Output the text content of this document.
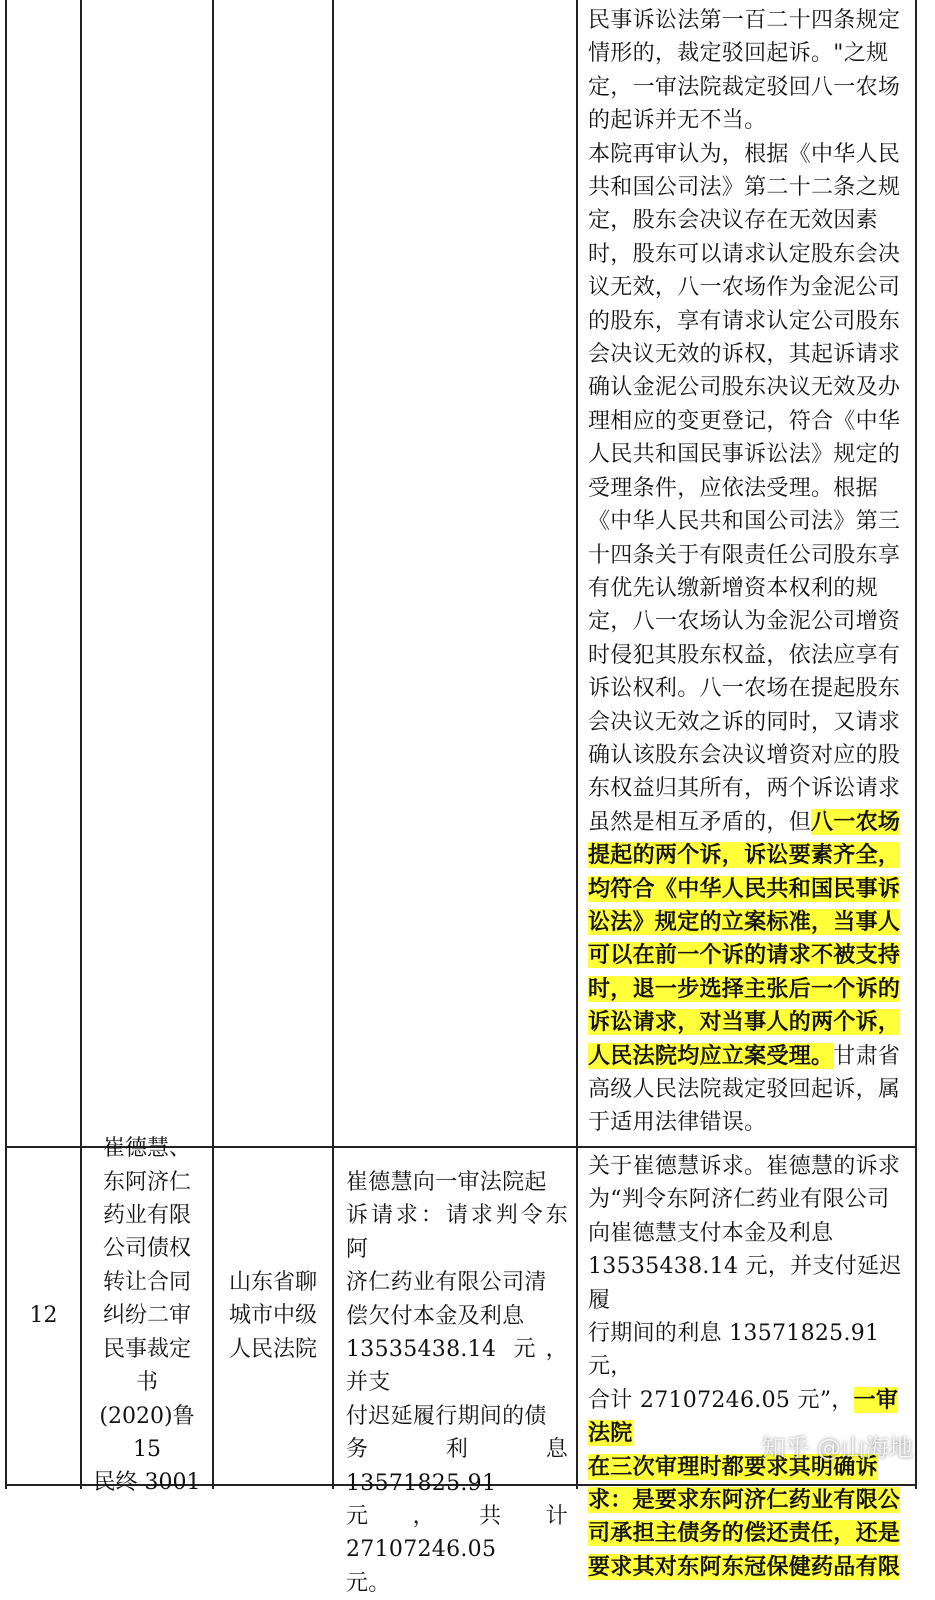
民事诉讼法第一百二十四条规定
情形的，裁定驳回起诉。"之规
定，一审法院裁定驳回八一农场
的起诉并无不当。
本院再审认为，根据《中华人民
共和国公司法》第二十二条之规
定，股东会决议存在无效因素
时，股东可以请求认定股东会决
议无效，八一农场作为金泥公司
的股东，享有请求认定公司股东
会决议无效的诉权，其起诉请求
确认金泥公司股东决议无效及办
理相应的变更登记，符合《中华
人民共和国民事诉讼法》规定的
受理条件，应依法受理。根据
《中华人民共和国公司法》第三
十四条关于有限责任公司股东享
有优先认缴新增资本权利的规
定，八一农场认为金泥公司增资
时侵犯其股东权益，依法应享有
诉讼权利。八一农场在提起股东
会决议无效之诉的同时，又请求
确认该股东会决议增资对应的股
东权益归其所有，两个诉讼请求

虽然是相互矛盾的，但八一农场

提起的两个诉，诉讼要素齐全，
均符合《中华人民共和国民事诉
讼法》规定的立案标准，当事人
可以在前一个诉的请求不被支持
时，退一步选择主张后一个诉的
诉讼请求，对当事人的两个诉，

人民法院均应立案受理。甘肃省

高级人民法院裁定驳回起诉，属
于适用法律错误。

12
崔德慧、
东阿济仁
药业有限
公司债权
转让合同
纠纷二审
民事裁定
书
(2020)鲁 15
民终 3001
山东省聊
城市中级
人民法院
崔德慧向一审法院起
诉请求：请求判令东阿
济仁药业有限公司清
偿欠付本金及利息
13535438.14 元，并支
付迟延履行期间的债
务利息 13571825.91
元，共计 27107246.05
元。

关于崔德慧诉求。崔德慧的诉求
为“判令东阿济仁药业有限公司
向崔德慧支付本金及利息
13535438.14 元，并支付延迟履
行期间的利息 13571825.91 元，

合计 27107246.05 元”，一审法院

在三次审理时都要求其明确诉
求：是要求东阿济仁药业有限公
司承担主债务的偿还责任，还是
要求其对东阿东冠保健药品有限

知乎 @山海地
